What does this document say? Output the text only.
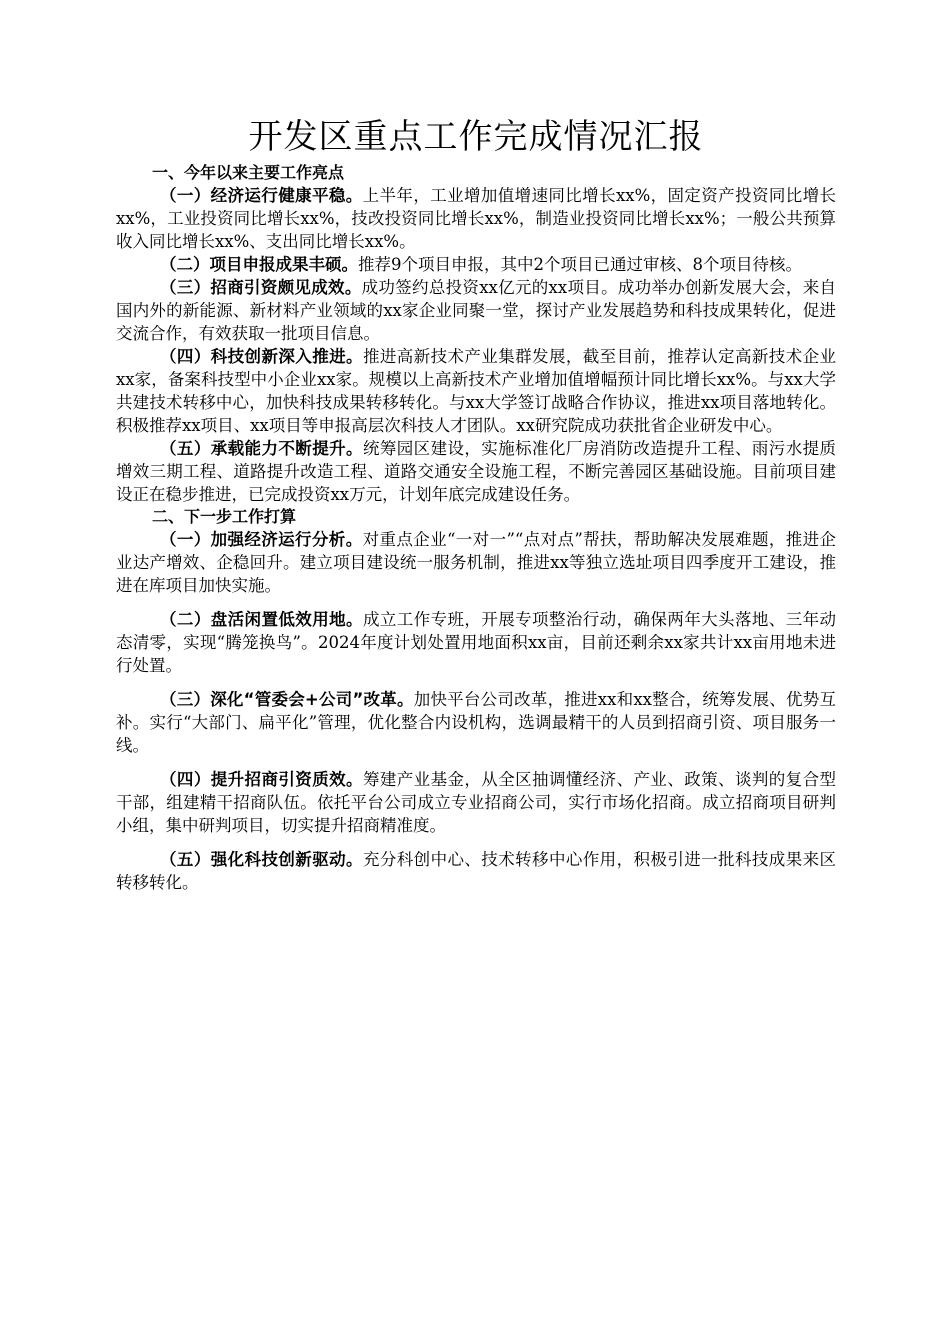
开发区重点工作完成情况汇报

一、今年以来主要工作亮点

（一）经济运行健康平稳。上半年，工业增加值增速同比增长xx%，固定资产投资同比增长xx%，工业投资同比增长xx%，技改投资同比增长xx%，制造业投资同比增长xx%；一般公共预算收入同比增长xx%、支出同比增长xx%。

（二）项目申报成果丰硕。推荐9个项目申报，其中2个项目已通过审核、8个项目待核。

（三）招商引资颇见成效。成功签约总投资xx亿元的xx项目。成功举办创新发展大会，来自国内外的新能源、新材料产业领域的xx家企业同聚一堂，探讨产业发展趋势和科技成果转化，促进交流合作，有效获取一批项目信息。

（四）科技创新深入推进。推进高新技术产业集群发展，截至目前，推荐认定高新技术企业xx家，备案科技型中小企业xx家。规模以上高新技术产业增加值增幅预计同比增长xx%。与xx大学共建技术转移中心，加快科技成果转移转化。与xx大学签订战略合作协议，推进xx项目落地转化。积极推荐xx项目、xx项目等申报高层次科技人才团队。xx研究院成功获批省企业研发中心。

（五）承载能力不断提升。统筹园区建设，实施标准化厂房消防改造提升工程、雨污水提质增效三期工程、道路提升改造工程、道路交通安全设施工程，不断完善园区基础设施。目前项目建设正在稳步推进，已完成投资xx万元，计划年底完成建设任务。

二、下一步工作打算

（一）加强经济运行分析。对重点企业“一对一”“点对点”帮扶，帮助解决发展难题，推进企业达产增效、企稳回升。建立项目建设统一服务机制，推进xx等独立选址项目四季度开工建设，推进在库项目加快实施。

（二）盘活闲置低效用地。成立工作专班，开展专项整治行动，确保两年大头落地、三年动态清零，实现“腾笼换鸟”。2024年度计划处置用地面积xx亩，目前还剩余xx家共计xx亩用地未进行处置。

（三）深化“管委会+公司”改革。加快平台公司改革，推进xx和xx整合，统筹发展、优势互补。实行“大部门、扁平化”管理，优化整合内设机构，选调最精干的人员到招商引资、项目服务一线。

（四）提升招商引资质效。筹建产业基金，从全区抽调懂经济、产业、政策、谈判的复合型干部，组建精干招商队伍。依托平台公司成立专业招商公司，实行市场化招商。成立招商项目研判小组，集中研判项目，切实提升招商精准度。

（五）强化科技创新驱动。充分科创中心、技术转移中心作用，积极引进一批科技成果来区转移转化。
